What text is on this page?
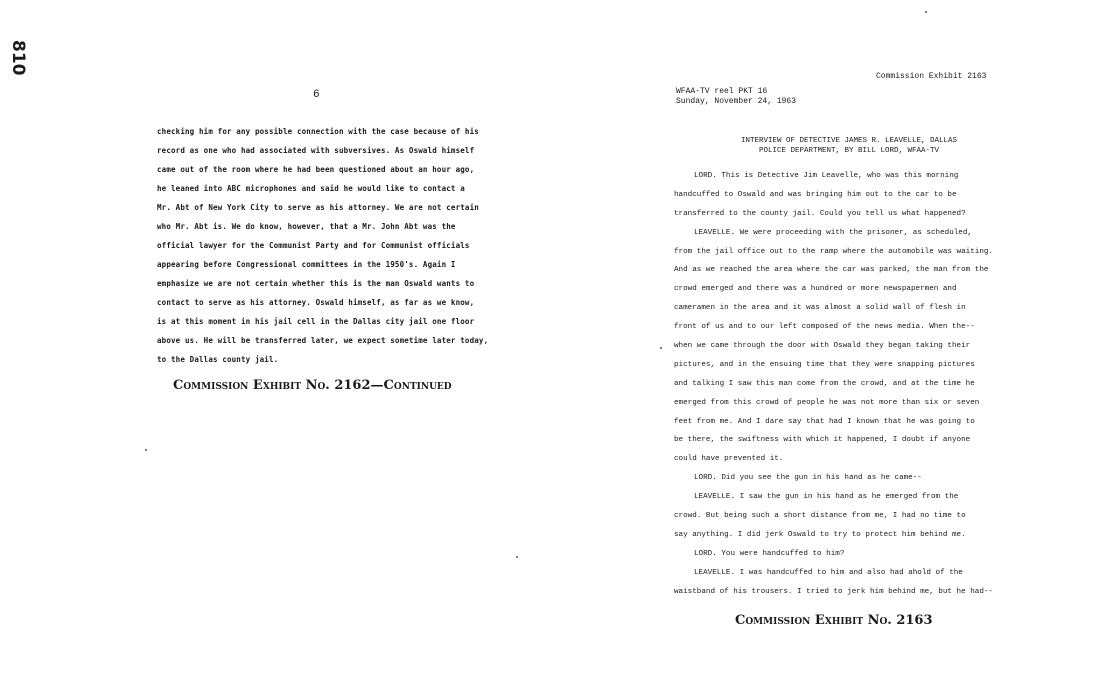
810
6
checking him for any possible connection with the case because of his
record as one who had associated with subversives. As Oswald himself
came out of the room where he had been questioned about an hour ago,
he leaned into ABC microphones and said he would like to contact a
Mr. Abt of New York City to serve as his attorney. We are not certain
who Mr. Abt is. We do know, however, that a Mr. John Abt was the
official lawyer for the Communist Party and for Communist officials
appearing before Congressional committees in the 1950's. Again I
emphasize we are not certain whether this is the man Oswald wants to
contact to serve as his attorney. Oswald himself, as far as we know,
is at this moment in his jail cell in the Dallas city jail one floor
above us. He will be transferred later, we expect sometime later today,
to the Dallas county jail.
Commission Exhibit No. 2162—Continued
Commission Exhibit 2163
WFAA-TV reel PKT 16
Sunday, November 24, 1963
INTERVIEW OF DETECTIVE JAMES R. LEAVELLE, DALLAS
POLICE DEPARTMENT, BY BILL LORD, WFAA-TV
LORD. This is Detective Jim Leavelle, who was this morning
handcuffed to Oswald and was bringing him out to the car to be
transferred to the county jail. Could you tell us what happened?
LEAVELLE. We were proceeding with the prisoner, as scheduled,
from the jail office out to the ramp where the automobile was waiting.
And as we reached the area where the car was parked, the man from the
crowd emerged and there was a hundred or more newspapermen and
cameramen in the area and it was almost a solid wall of flesh in
front of us and to our left composed of the news media. When the--
when we came through the door with Oswald they began taking their
pictures, and in the ensuing time that they were snapping pictures
and talking I saw this man come from the crowd, and at the time he
emerged from this crowd of people he was not more than six or seven
feet from me. And I dare say that had I known that he was going to
be there, the swiftness with which it happened, I doubt if anyone
could have prevented it.
LORD. Did you see the gun in his hand as he came--
LEAVELLE. I saw the gun in his hand as he emerged from the
crowd. But being such a short distance from me, I had no time to
say anything. I did jerk Oswald to try to protect him behind me.
LORD. You were handcuffed to him?
LEAVELLE. I was handcuffed to him and also had ahold of the
waistband of his trousers. I tried to jerk him behind me, but he had--
Commission Exhibit No. 2163
